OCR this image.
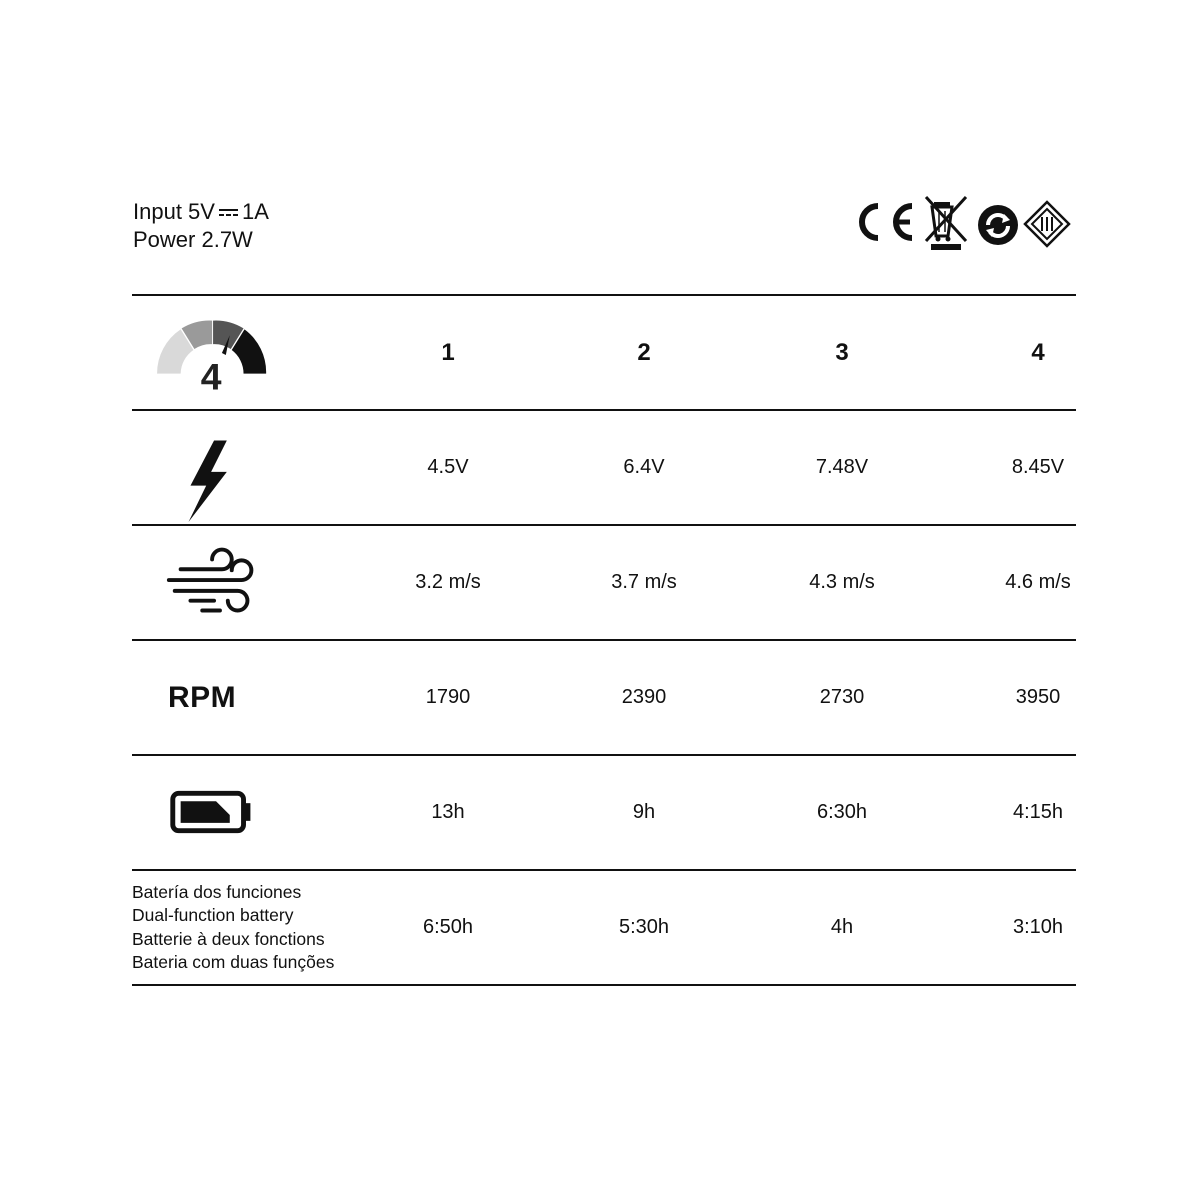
Input 5V 1A
Power 2.7W
4
1	2	3	4
4.5V	6.4V	7.48V	8.45V
3.2 m/s	3.7 m/s	4.3 m/s	4.6 m/s
RPM	1790	2390	2730	3950
13h	9h	6:30h	4:15h
Batería dos funciones
Dual-function battery
Batterie à deux fonctions
Bateria com duas funções
6:50h	5:30h	4h	3:10h
